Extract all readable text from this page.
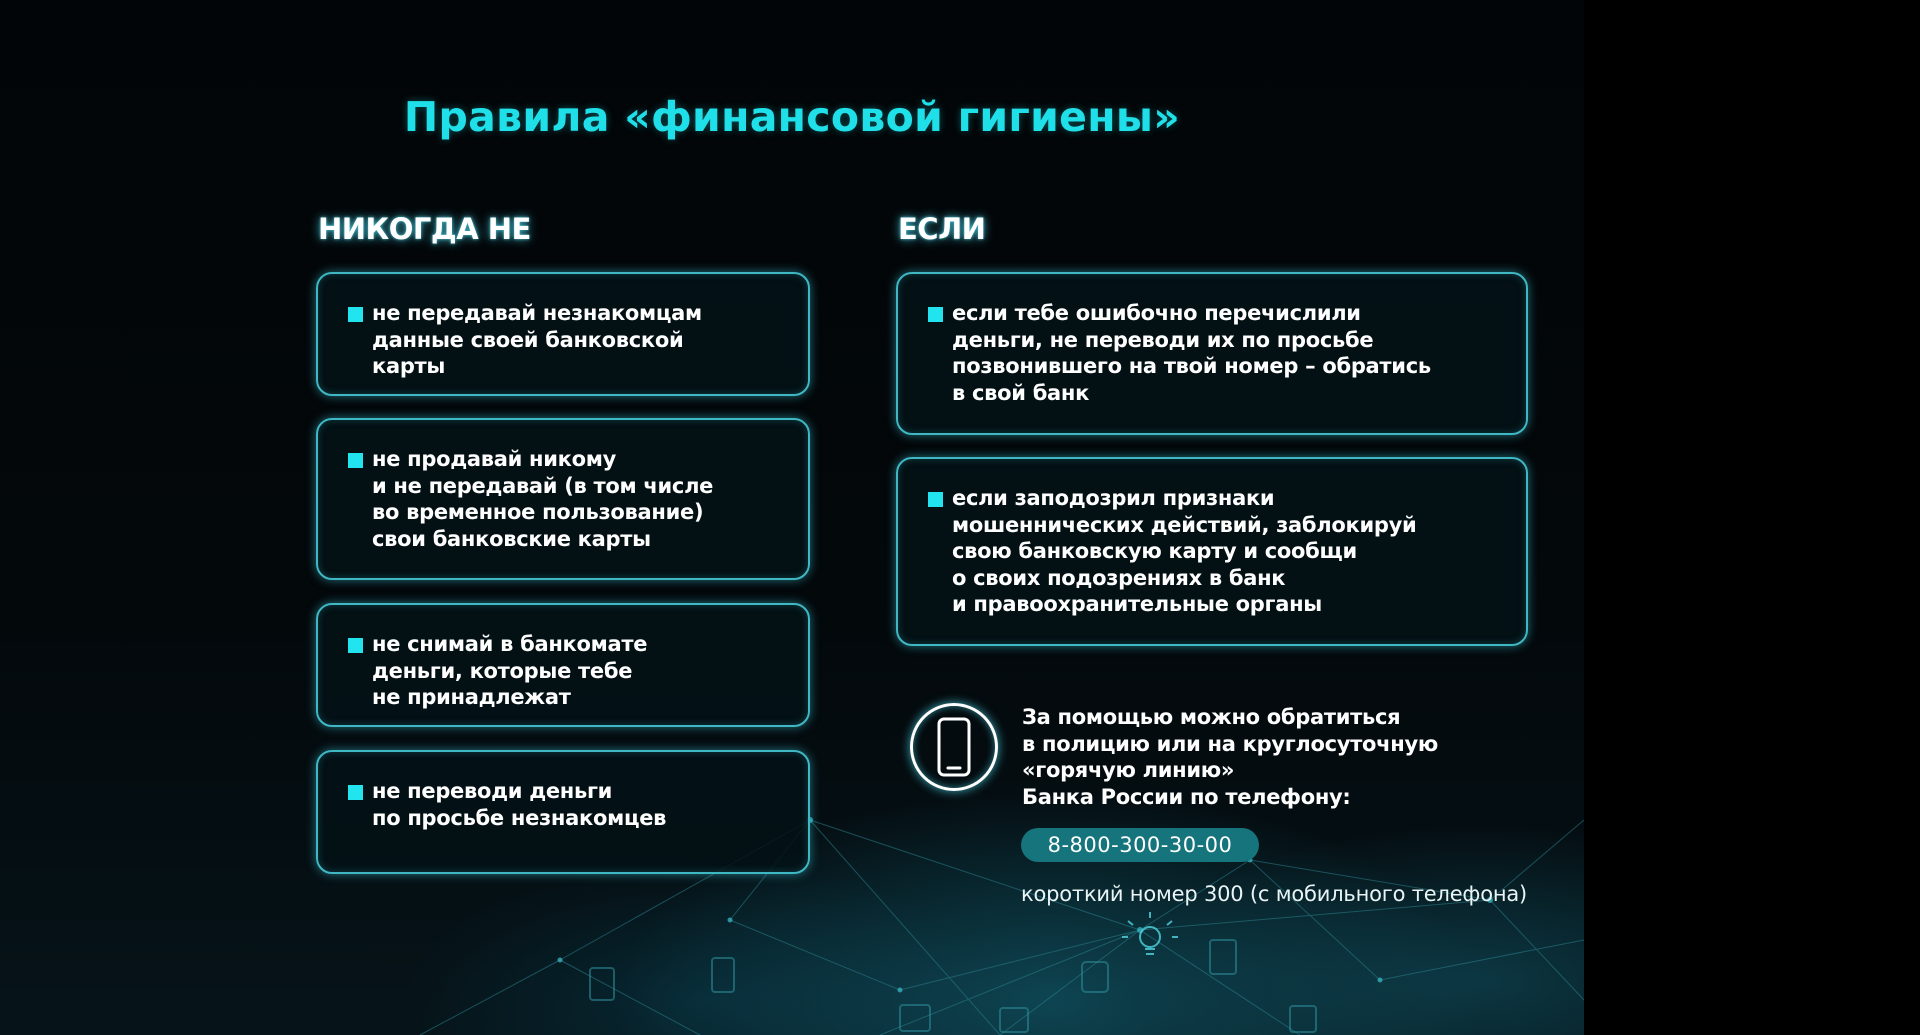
Правила «финансовой гигиены»
НИКОГДА НЕ
не передавай незнакомцам
данные своей банковской
карты
не продавай никому
и не передавай (в том числе
во временное пользование)
свои банковские карты
не снимай в банкомате
деньги, которые тебе
не принадлежат
не переводи деньги
по просьбе незнакомцев
ЕСЛИ
если тебе ошибочно перечислили
деньги, не переводи их по просьбе
позвонившего на твой номер – обратись
в свой банк
если заподозрил признаки
мошеннических действий, заблокируй
свою банковскую карту и сообщи
о своих подозрениях в банк
и правоохранительные органы
За помощью можно обратиться
в полицию или на круглосуточную
«горячую линию»
Банка России по телефону:
8-800-300-30-00
короткий номер 300 (с мобильного телефона)
